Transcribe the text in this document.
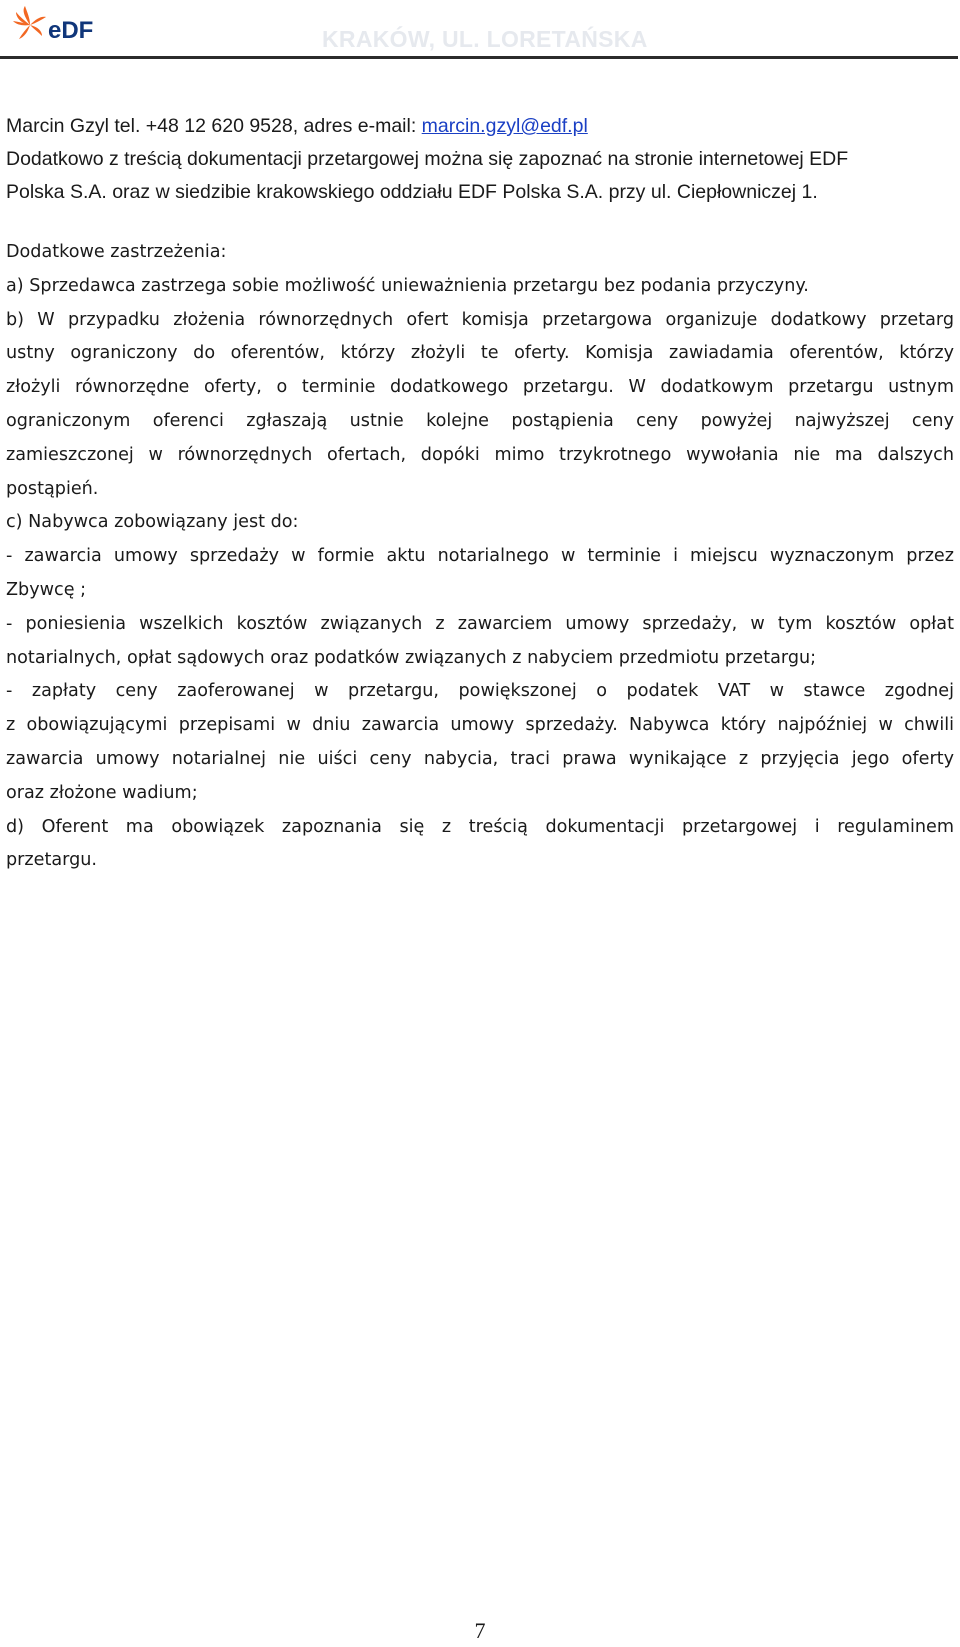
eDF	KRAKÓW, UL. LORETAŃSKA
Marcin Gzyl tel. +48 12 620 9528, adres e-mail: marcin.gzyl@edf.pl
Dodatkowo z treścią dokumentacji przetargowej można się zapoznać na stronie internetowej EDF
Polska S.A. oraz w siedzibie krakowskiego oddziału EDF Polska S.A. przy ul. Ciepłowniczej 1.
Dodatkowe zastrzeżenia:
a) Sprzedawca zastrzega sobie możliwość unieważnienia przetargu bez podania przyczyny.
b) W przypadku złożenia równorzędnych ofert komisja przetargowa organizuje dodatkowy przetarg
ustny ograniczony do oferentów, którzy złożyli te oferty. Komisja zawiadamia oferentów, którzy
złożyli równorzędne oferty, o terminie dodatkowego przetargu. W dodatkowym przetargu ustnym
ograniczonym oferenci zgłaszają ustnie kolejne postąpienia ceny powyżej najwyższej ceny
zamieszczonej w równorzędnych ofertach, dopóki mimo trzykrotnego wywołania nie ma dalszych
postąpień.
c) Nabywca zobowiązany jest do:
- zawarcia umowy sprzedaży w formie aktu notarialnego w terminie i miejscu wyznaczonym przez
Zbywcę ;
- poniesienia wszelkich kosztów związanych z zawarciem umowy sprzedaży, w tym kosztów opłat
notarialnych, opłat sądowych oraz podatków związanych z nabyciem przedmiotu przetargu;
- zapłaty ceny zaoferowanej w przetargu, powiększonej o podatek VAT w stawce zgodnej
z obowiązującymi przepisami w dniu zawarcia umowy sprzedaży. Nabywca który najpóźniej w chwili
zawarcia umowy notarialnej nie uiści ceny nabycia, traci prawa wynikające z przyjęcia jego oferty
oraz złożone wadium;
d) Oferent ma obowiązek zapoznania się z treścią dokumentacji przetargowej i regulaminem
przetargu.
7
